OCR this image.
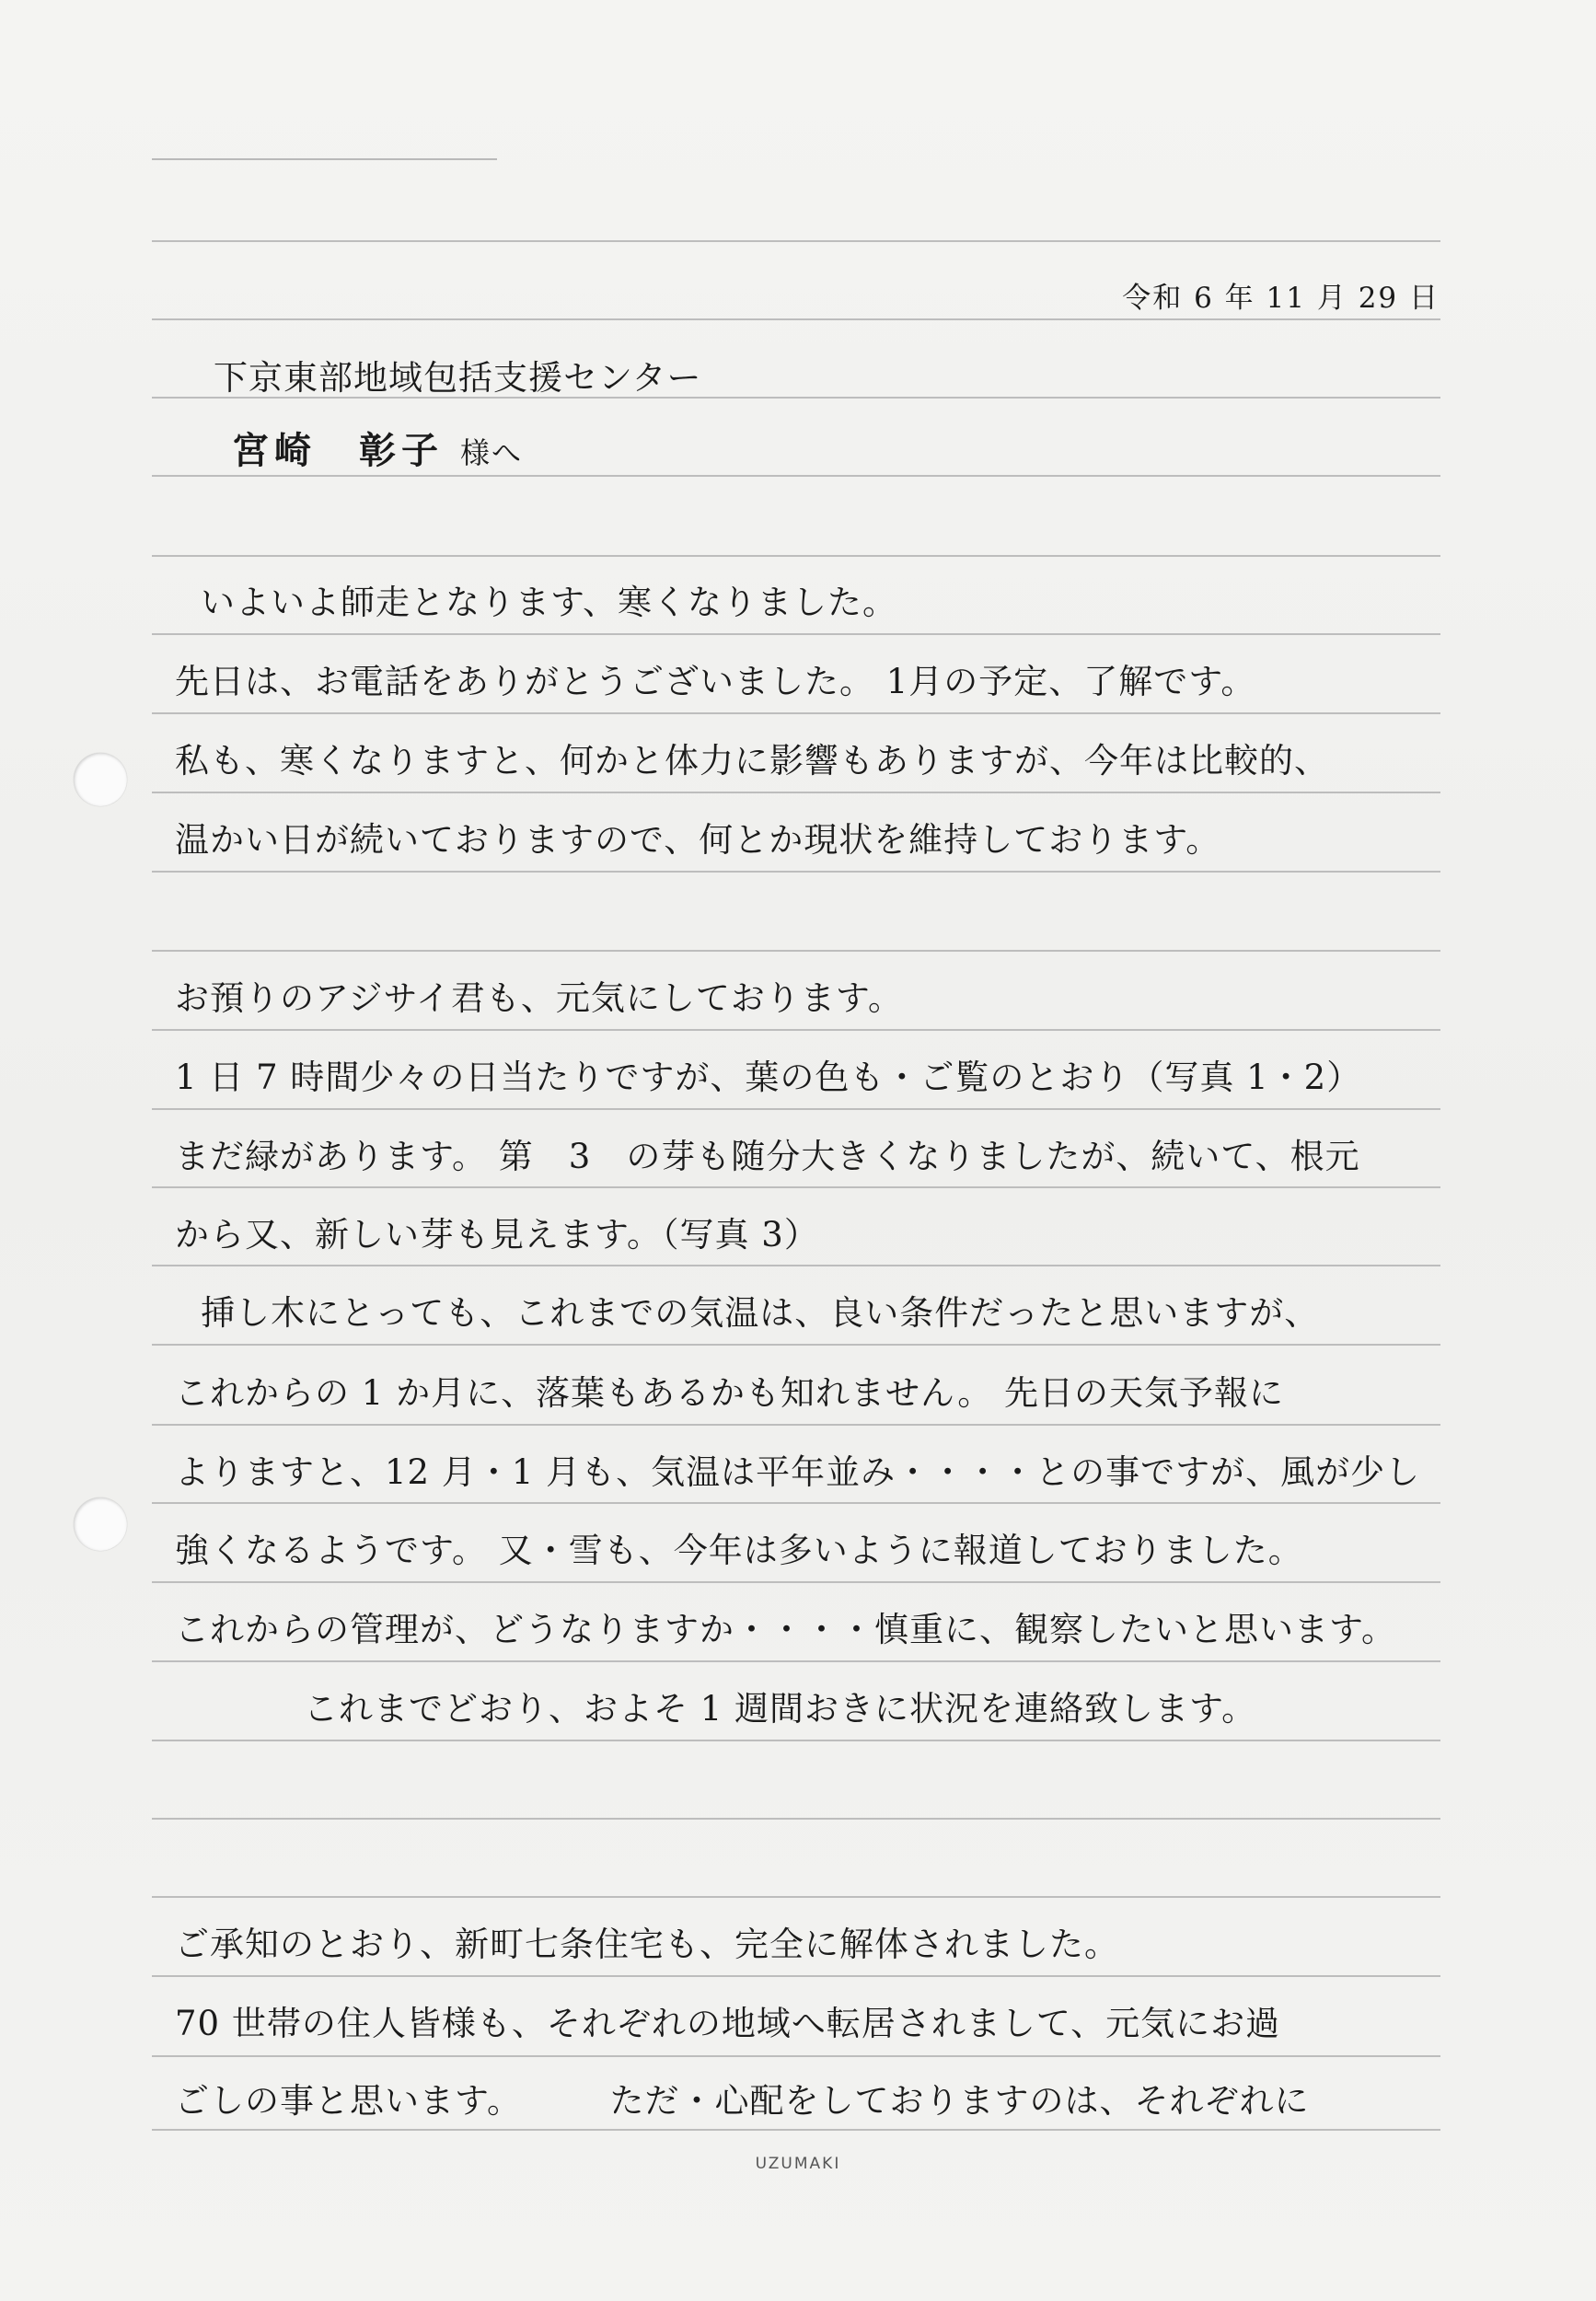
令和 6 年 11 月 29 日
下京東部地域包括支援センター
宮崎　彰子 様へ
いよいよ師走となります、寒くなりました。
先日は、お電話をありがとうございました。 1月の予定、了解です。
私も、寒くなりますと、何かと体力に影響もありますが、今年は比較的、
温かい日が続いておりますので、何とか現状を維持しております。
お預りのアジサイ君も、元気にしております。
1 日 7 時間少々の日当たりですが、葉の色も・ご覧のとおり（写真 1・2）
まだ緑があります。 第　3　の芽も随分大きくなりましたが、続いて、根元
から又、新しい芽も見えます。（写真 3）
挿し木にとっても、これまでの気温は、良い条件だったと思いますが、
これからの 1 か月に、落葉もあるかも知れません。 先日の天気予報に
よりますと、12 月・1 月も、気温は平年並み・・・・との事ですが、風が少し
強くなるようです。 又・雪も、今年は多いように報道しておりました。
これからの管理が、どうなりますか・・・・慎重に、観察したいと思います。
これまでどおり、およそ 1 週間おきに状況を連絡致します。
ご承知のとおり、新町七条住宅も、完全に解体されました。
70 世帯の住人皆様も、それぞれの地域へ転居されまして、元気にお過
ごしの事と思います。　　　ただ・心配をしておりますのは、それぞれに
UZUMAKI
